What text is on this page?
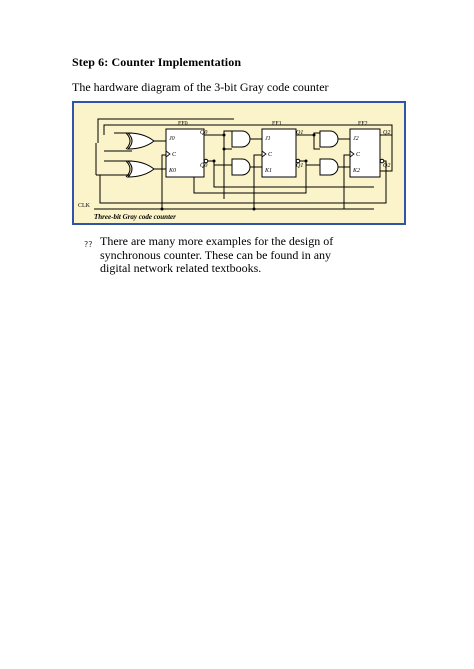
Step 6: Counter Implementation
The hardware diagram of the 3-bit Gray code counter
FF0	FF1	FF2
J0
C
K0
Q0
Q̄0
J1
C
K1
Q1
Q̄1
J2
C
K2
Q2
Q̄2
CLK
Three-bit Gray code counter
?? There are many more examples for the design of synchronous counter. These can be found in any digital network related textbooks.
